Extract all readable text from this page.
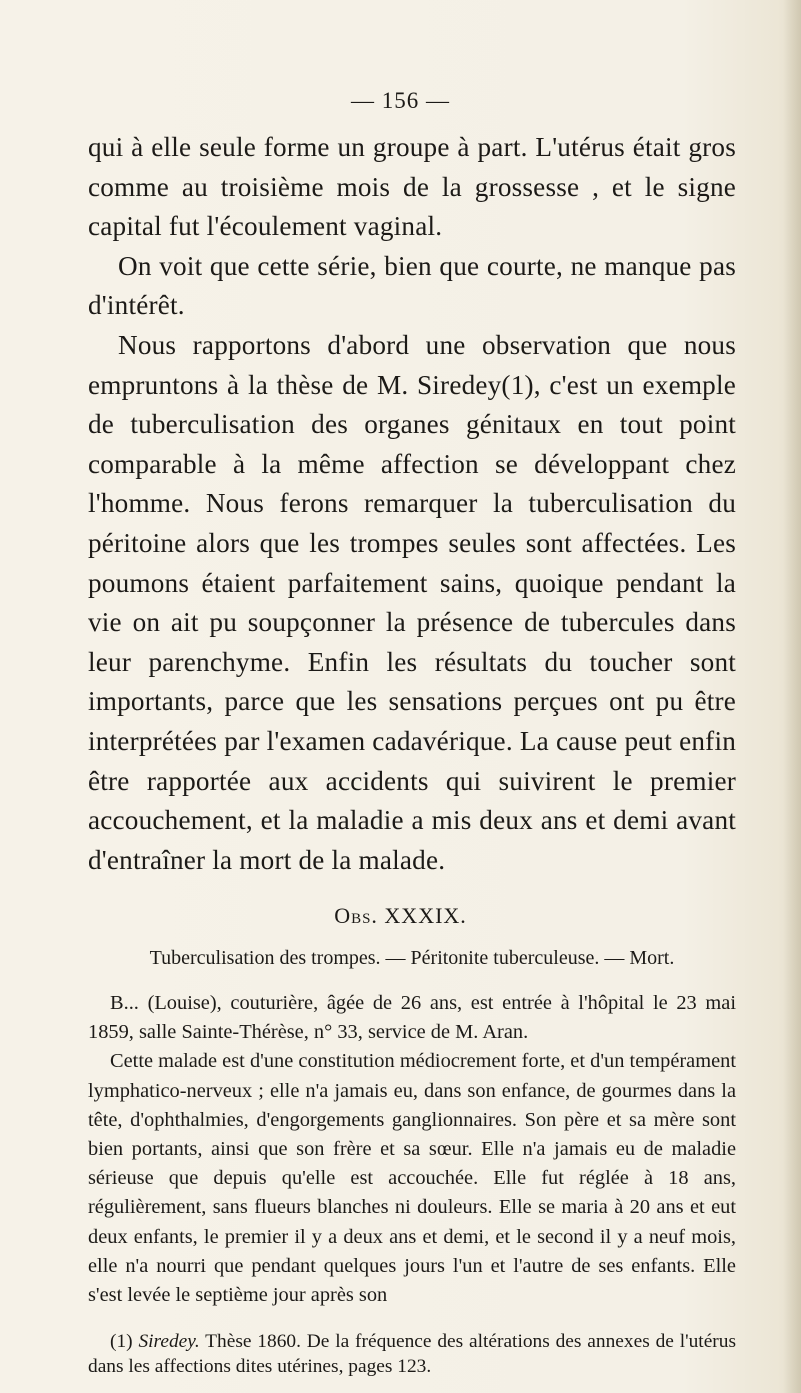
— 156 —

qui à elle seule forme un groupe à part. L'utérus était gros comme au troisième mois de la grossesse , et le signe capital fut l'écoulement vaginal.

On voit que cette série, bien que courte, ne manque pas d'intérêt.

Nous rapportons d'abord une observation que nous empruntons à la thèse de M. Siredey(1), c'est un exemple de tuberculisation des organes génitaux en tout point comparable à la même affection se développant chez l'homme. Nous ferons remarquer la tuberculisation du péritoine alors que les trompes seules sont affectées. Les poumons étaient parfaitement sains, quoique pendant la vie on ait pu soupçonner la présence de tubercules dans leur parenchyme. Enfin les résultats du toucher sont importants, parce que les sensations perçues ont pu être interprétées par l'examen cadavérique. La cause peut enfin être rapportée aux accidents qui suivirent le premier accouchement, et la maladie a mis deux ans et demi avant d'entraîner la mort de la malade.

Obs. XXXIX.
Tuberculisation des trompes. — Péritonite tuberculeuse. — Mort.

B... (Louise), couturière, âgée de 26 ans, est entrée à l'hôpital le 23 mai 1859, salle Sainte-Thérèse, n° 33, service de M. Aran.

Cette malade est d'une constitution médiocrement forte, et d'un tempérament lymphatico-nerveux ; elle n'a jamais eu, dans son enfance, de gourmes dans la tête, d'ophthalmies, d'engorgements ganglionnaires. Son père et sa mère sont bien portants, ainsi que son frère et sa sœur. Elle n'a jamais eu de maladie sérieuse que depuis qu'elle est accouchée. Elle fut réglée à 18 ans, régulièrement, sans flueurs blanches ni douleurs. Elle se maria à 20 ans et eut deux enfants, le premier il y a deux ans et demi, et le second il y a neuf mois, elle n'a nourri que pendant quelques jours l'un et l'autre de ses enfants. Elle s'est levée le septième jour après son

(1) Siredey. Thèse 1860. De la fréquence des altérations des annexes de l'utérus dans les affections dites utérines, pages 123.
